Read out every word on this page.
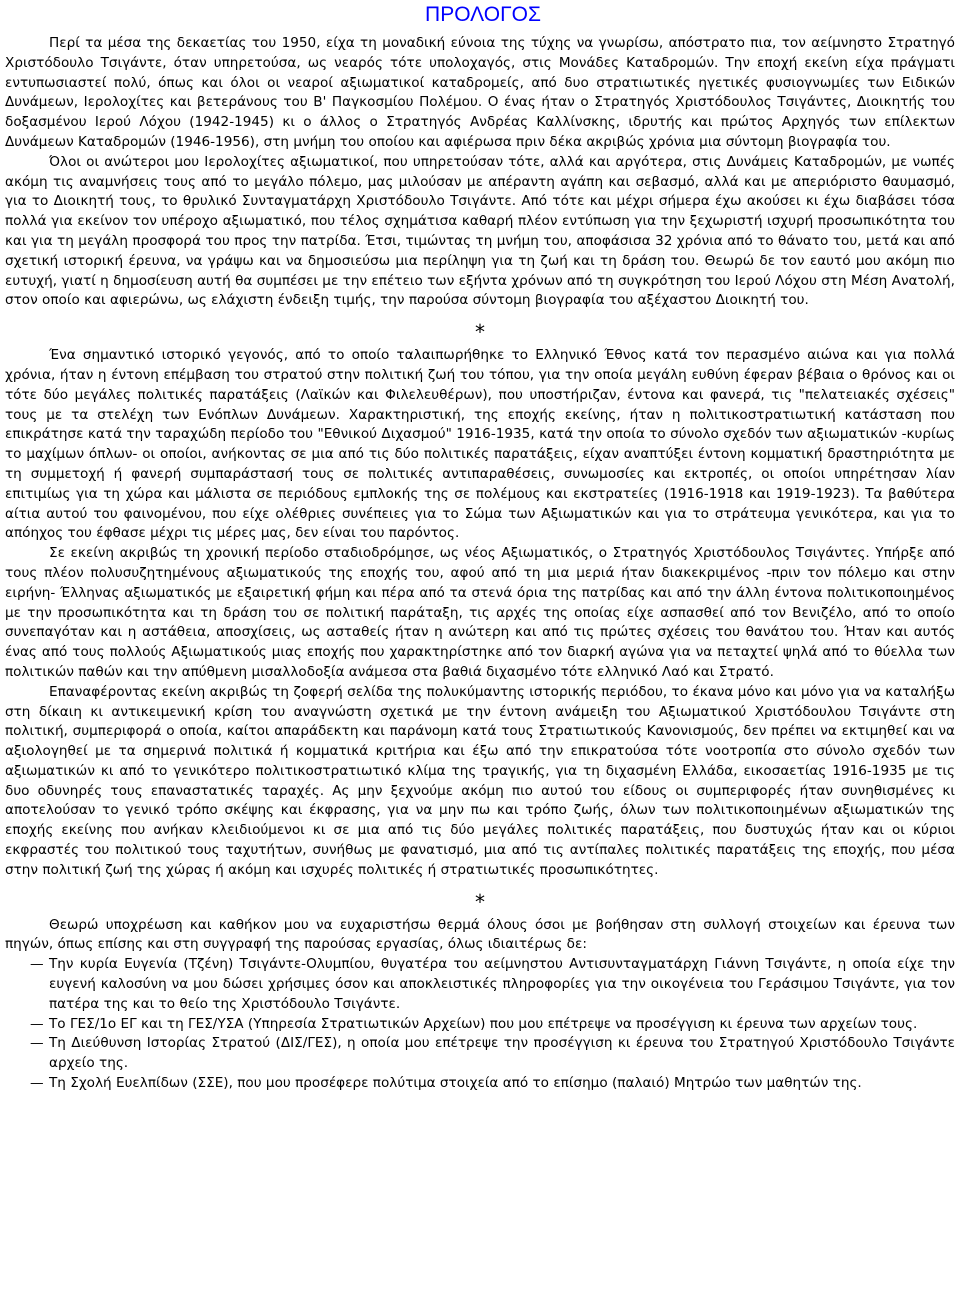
ΠΡΟΛΟΓΟΣ

Περί τα μέσα της δεκαετίας του 1950, είχα τη μοναδική εύνοια της τύχης να γνωρίσω, απόστρατο πια, τον αείμνηστο Στρατηγό Χριστόδουλο Τσιγάντε, όταν υπηρετούσα, ως νεαρός τότε υπολοχαγός, στις Μονάδες Καταδρομών. Την εποχή εκείνη είχα πράγματι εντυπωσιαστεί πολύ, όπως και όλοι οι νεαροί αξιωματικοί καταδρομείς, από δυο στρατιωτικές ηγετικές φυσιογνωμίες των Ειδικών Δυνάμεων, Ιερολοχίτες και βετεράνους του Β' Παγκοσμίου Πολέμου. Ο ένας ήταν ο Στρατηγός Χριστόδουλος Τσιγάντες, Διοικητής του δοξασμένου Ιερού Λόχου (1942-1945) κι ο άλλος ο Στρατηγός Ανδρέας Καλλίνσκης, ιδρυτής και πρώτος Αρχηγός των επίλεκτων Δυνάμεων Καταδρομών (1946-1956), στη μνήμη του οποίου και αφιέρωσα πριν δέκα ακριβώς χρόνια μια σύντομη βιογραφία του.

Όλοι οι ανώτεροι μου Ιερολοχίτες αξιωματικοί, που υπηρετούσαν τότε, αλλά και αργότερα, στις Δυνάμεις Καταδρομών, με νωπές ακόμη τις αναμνήσεις τους από το μεγάλο πόλεμο, μας μιλούσαν με απέραντη αγάπη και σεβασμό, αλλά και με απεριόριστο θαυμασμό, για το Διοικητή τους, το θρυλικό Συνταγματάρχη Χριστόδουλο Τσιγάντε. Από τότε και μέχρι σήμερα έχω ακούσει κι έχω διαβάσει τόσα πολλά για εκείνον τον υπέροχο αξιωματικό, που τέλος σχημάτισα καθαρή πλέον εντύπωση για την ξεχωριστή ισχυρή προσωπικότητα του και για τη μεγάλη προσφορά του προς την πατρίδα. Έτσι, τιμώντας τη μνήμη του, αποφάσισα 32 χρόνια από το θάνατο του, μετά και από σχετική ιστορική έρευνα, να γράψω και να δημοσιεύσω μια περίληψη για τη ζωή και τη δράση του. Θεωρώ δε τον εαυτό μου ακόμη πιο ευτυχή, γιατί η δημοσίευση αυτή θα συμπέσει με την επέτειο των εξήντα χρόνων από τη συγκρότηση του Ιερού Λόχου στη Μέση Ανατολή, στον οποίο και αφιερώνω, ως ελάχιστη ένδειξη τιμής, την παρούσα σύντομη βιογραφία του αξέχαστου Διοικητή του.

*

Ένα σημαντικό ιστορικό γεγονός, από το οποίο ταλαιπωρήθηκε το Ελληνικό Έθνος κατά τον περασμένο αιώνα και για πολλά χρόνια, ήταν η έντονη επέμβαση του στρατού στην πολιτική ζωή του τόπου, για την οποία μεγάλη ευθύνη έφεραν βέβαια ο θρόνος και οι τότε δύο μεγάλες πολιτικές παρατάξεις (Λαϊκών και Φιλελευθέρων), που υποστήριζαν, έντονα και φανερά, τις "πελατειακές σχέσεις" τους με τα στελέχη των Ενόπλων Δυνάμεων. Χαρακτηριστική, της εποχής εκείνης, ήταν η πολιτικοστρατιωτική κατάσταση που επικράτησε κατά την ταραχώδη περίοδο του "Εθνικού Διχασμού" 1916-1935, κατά την οποία το σύνολο σχεδόν των αξιωματικών -κυρίως το μαχίμων όπλων- οι οποίοι, ανήκοντας σε μια από τις δύο πολιτικές παρατάξεις, είχαν αναπτύξει έντονη κομματική δραστηριότητα με τη συμμετοχή ή φανερή συμπαράστασή τους σε πολιτικές αντιπαραθέσεις, συνωμοσίες και εκτροπές, οι οποίοι υπηρέτησαν λίαν επιτιμίως για τη χώρα και μάλιστα σε περιόδους εμπλοκής της σε πολέμους και εκστρατείες (1916-1918 και 1919-1923). Τα βαθύτερα αίτια αυτού του φαινομένου, που είχε ολέθριες συνέπειες για το Σώμα των Αξιωματικών και για το στράτευμα γενικότερα, και για το απόηχος του έφθασε μέχρι τις μέρες μας, δεν είναι του παρόντος.

Σε εκείνη ακριβώς τη χρονική περίοδο σταδιοδρόμησε, ως νέος Αξιωματικός, ο Στρατηγός Χριστόδουλος Τσιγάντες. Υπήρξε από τους πλέον πολυσυζητημένους αξιωματικούς της εποχής του, αφού από τη μια μεριά ήταν διακεκριμένος -πριν τον πόλεμο και στην ειρήνη- Έλληνας αξιωματικός με εξαιρετική φήμη και πέρα από τα στενά όρια της πατρίδας και από την άλλη έντονα πολιτικοποιημένος με την προσωπικότητα και τη δράση του σε πολιτική παράταξη, τις αρχές της οποίας είχε ασπασθεί από τον Βενιζέλο, από το οποίο συνεπαγόταν και η αστάθεια, αποσχίσεις, ως ασταθείς ήταν η ανώτερη και από τις πρώτες σχέσεις του θανάτου του. Ήταν και αυτός ένας από τους πολλούς Αξιωματικούς μιας εποχής που χαρακτηρίστηκε από τον διαρκή αγώνα για να πεταχτεί ψηλά από το θύελλα των πολιτικών παθών και την απύθμενη μισαλλοδοξία ανάμεσα στα βαθιά διχασμένο τότε ελληνικό Λαό και Στρατό.

Επαναφέροντας εκείνη ακριβώς τη ζοφερή σελίδα της πολυκύμαντης ιστορικής περιόδου, το έκανα μόνο και μόνο για να καταλήξω στη δίκαιη κι αντικειμενική κρίση του αναγνώστη σχετικά με την έντονη ανάμειξη του Αξιωματικού Χριστόδουλου Τσιγάντε στη πολιτική, συμπεριφορά ο οποία, καίτοι απαράδεκτη και παράνομη κατά τους Στρατιωτικούς Κανονισμούς, δεν πρέπει να εκτιμηθεί και να αξιολογηθεί με τα σημερινά πολιτικά ή κομματικά κριτήρια και έξω από την επικρατούσα τότε νοοτροπία στο σύνολο σχεδόν των αξιωματικών κι από το γενικότερο πολιτικοστρατιωτικό κλίμα της τραγικής, για τη διχασμένη Ελλάδα, εικοσαετίας 1916-1935 με τις δυο οδυνηρές τους επαναστατικές ταραχές. Ας μην ξεχνούμε ακόμη πιο αυτού του είδους οι συμπεριφορές ήταν συνηθισμένες κι αποτελούσαν το γενικό τρόπο σκέψης και έκφρασης, για να μην πω και τρόπο ζωής, όλων των πολιτικοποιημένων αξιωματικών της εποχής εκείνης που ανήκαν κλειδιούμενοι κι σε μια από τις δύο μεγάλες πολιτικές παρατάξεις, που δυστυχώς ήταν και οι κύριοι εκφραστές του πολιτικού τους ταχυτήτων, συνήθως με φανατισμό, μια από τις αντίπαλες πολιτικές παρατάξεις της εποχής, που μέσα στην πολιτική ζωή της χώρας ή ακόμη και ισχυρές πολιτικές ή στρατιωτικές προσωπικότητες.

*

Θεωρώ υποχρέωση και καθήκον μου να ευχαριστήσω θερμά όλους όσοι με βοήθησαν στη συλλογή στοιχείων και έρευνα των πηγών, όπως επίσης και στη συγγραφή της παρούσας εργασίας, όλως ιδιαιτέρως δε:

— Την κυρία Ευγενία (Τζένη) Τσιγάντε-Ολυμπίου, θυγατέρα του αείμνηστου Αντισυνταγματάρχη Γιάννη Τσιγάντε, η οποία είχε την ευγενή καλοσύνη να μου δώσει χρήσιμες όσον και αποκλειστικές πληροφορίες για την οικογένεια του Γεράσιμου Τσιγάντε, για τον πατέρα της και το θείο της Χριστόδουλο Τσιγάντε.

— Το ΓΕΣ/1ο ΕΓ και τη ΓΕΣ/ΥΣΑ (Υπηρεσία Στρατιωτικών Αρχείων) που μου επέτρεψε να προσέγγιση κι έρευνα των αρχείων τους.

— Τη Διεύθυνση Ιστορίας Στρατού (ΔΙΣ/ΓΕΣ), η οποία μου επέτρεψε την προσέγγιση κι έρευνα του Στρατηγού Χριστόδουλο Τσιγάντε αρχείο της.

— Τη Σχολή Ευελπίδων (ΣΣΕ), που μου προσέφερε πολύτιμα στοιχεία από το επίσημο (παλαιό) Μητρώο των μαθητών της.
